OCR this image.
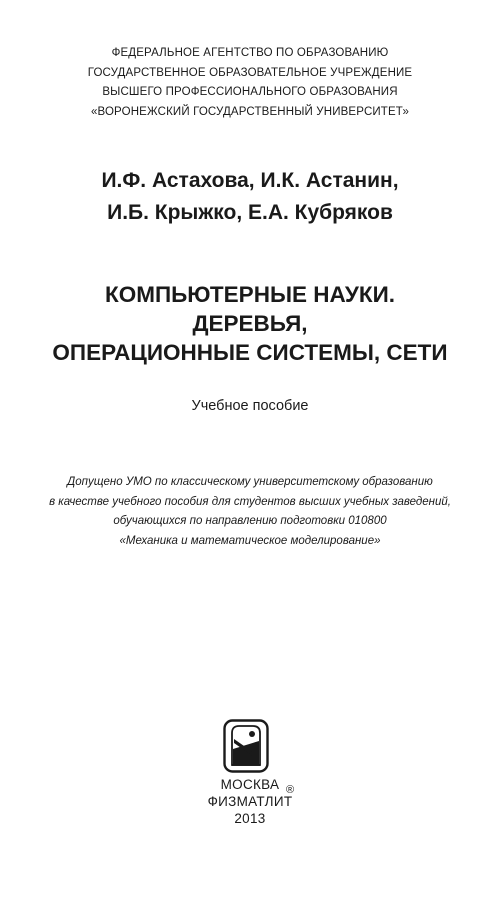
ФЕДЕРАЛЬНОЕ АГЕНТСТВО ПО ОБРАЗОВАНИЮ
ГОСУДАРСТВЕННОЕ ОБРАЗОВАТЕЛЬНОЕ УЧРЕЖДЕНИЕ
ВЫСШЕГО ПРОФЕССИОНАЛЬНОГО ОБРАЗОВАНИЯ
«ВОРОНЕЖСКИЙ ГОСУДАРСТВЕННЫЙ УНИВЕРСИТЕТ»
И.Ф. Астахова, И.К. Астанин,
И.Б. Крыжко, Е.А. Кубряков
КОМПЬЮТЕРНЫЕ НАУКИ.
ДЕРЕВЬЯ,
ОПЕРАЦИОННЫЕ СИСТЕМЫ, СЕТИ
Учебное пособие
Допущено УМО по классическому университетскому образованию
в качестве учебного пособия для студентов высших учебных заведений,
обучающихся по направлению подготовки 010800
«Механика и математическое моделирование»
МОСКВА
ФИЗМАТЛИТ
2013
®
